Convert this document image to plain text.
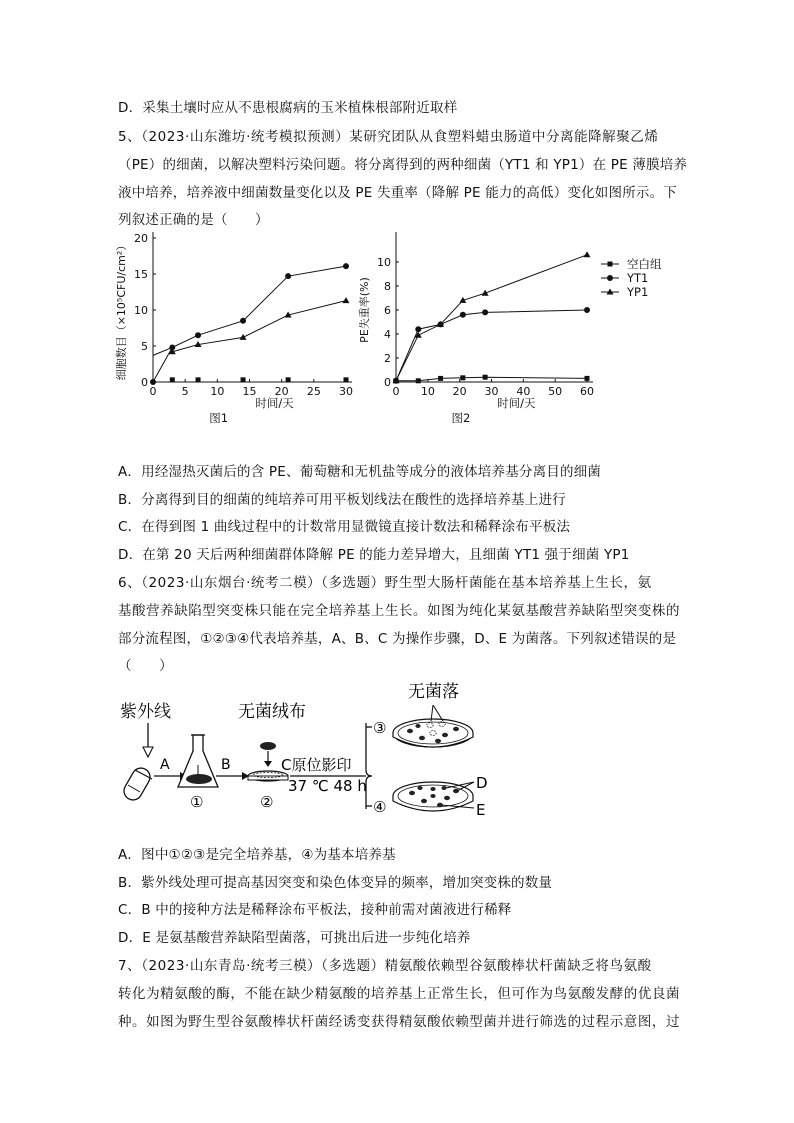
D．采集土壤时应从不患根腐病的玉米植株根部附近取样
5、（2023·山东潍坊·统考模拟预测）某研究团队从食塑料蜡虫肠道中分离能降解聚乙烯
（PE）的细菌，以解决塑料污染问题。将分离得到的两种细菌（YT1 和 YP1）在 PE 薄膜培养
液中培养，培养液中细菌数量变化以及 PE 失重率（降解 PE 能力的高低）变化如图所示。下
列叙述正确的是（　　）
0 5 10 15 20 25 30
0
5
10
15
20
时间/天
图1
细胞数目（×10⁵CFU/cm²）
0 10 20 30 40 50 60
0
2
4
6
8
10
时间/天
图2
PE失重率(%)
空白组
YT1
YP1
A．用经湿热灭菌后的含 PE、葡萄糖和无机盐等成分的液体培养基分离目的细菌
B．分离得到目的细菌的纯培养可用平板划线法在酸性的选择培养基上进行
C．在得到图 1 曲线过程中的计数常用显微镜直接计数法和稀释涂布平板法
D．在第 20 天后两种细菌群体降解 PE 的能力差异增大，且细菌 YT1 强于细菌 YP1
6、（2023·山东烟台·统考二模）（多选题）野生型大肠杆菌能在基本培养基上生长，氨
基酸营养缺陷型突变株只能在完全培养基上生长。如图为纯化某氨基酸营养缺陷型突变株的
部分流程图，①②③④代表培养基，A、B、C 为操作步骤，D、E 为菌落。下列叙述错误的是
（　　）
紫外线
A
①
B
无菌绒布
②
C原位影印
37 ℃ 48 h
③
④
无菌落
D
E
A．图中①②③是完全培养基，④为基本培养基
B．紫外线处理可提高基因突变和染色体变异的频率，增加突变株的数量
C．B 中的接种方法是稀释涂布平板法，接种前需对菌液进行稀释
D．E 是氨基酸营养缺陷型菌落，可挑出后进一步纯化培养
7、（2023·山东青岛·统考三模）（多选题）精氨酸依赖型谷氨酸棒状杆菌缺乏将鸟氨酸
转化为精氨酸的酶，不能在缺少精氨酸的培养基上正常生长，但可作为鸟氨酸发酵的优良菌
种。如图为野生型谷氨酸棒状杆菌经诱变获得精氨酸依赖型菌并进行筛选的过程示意图，过
